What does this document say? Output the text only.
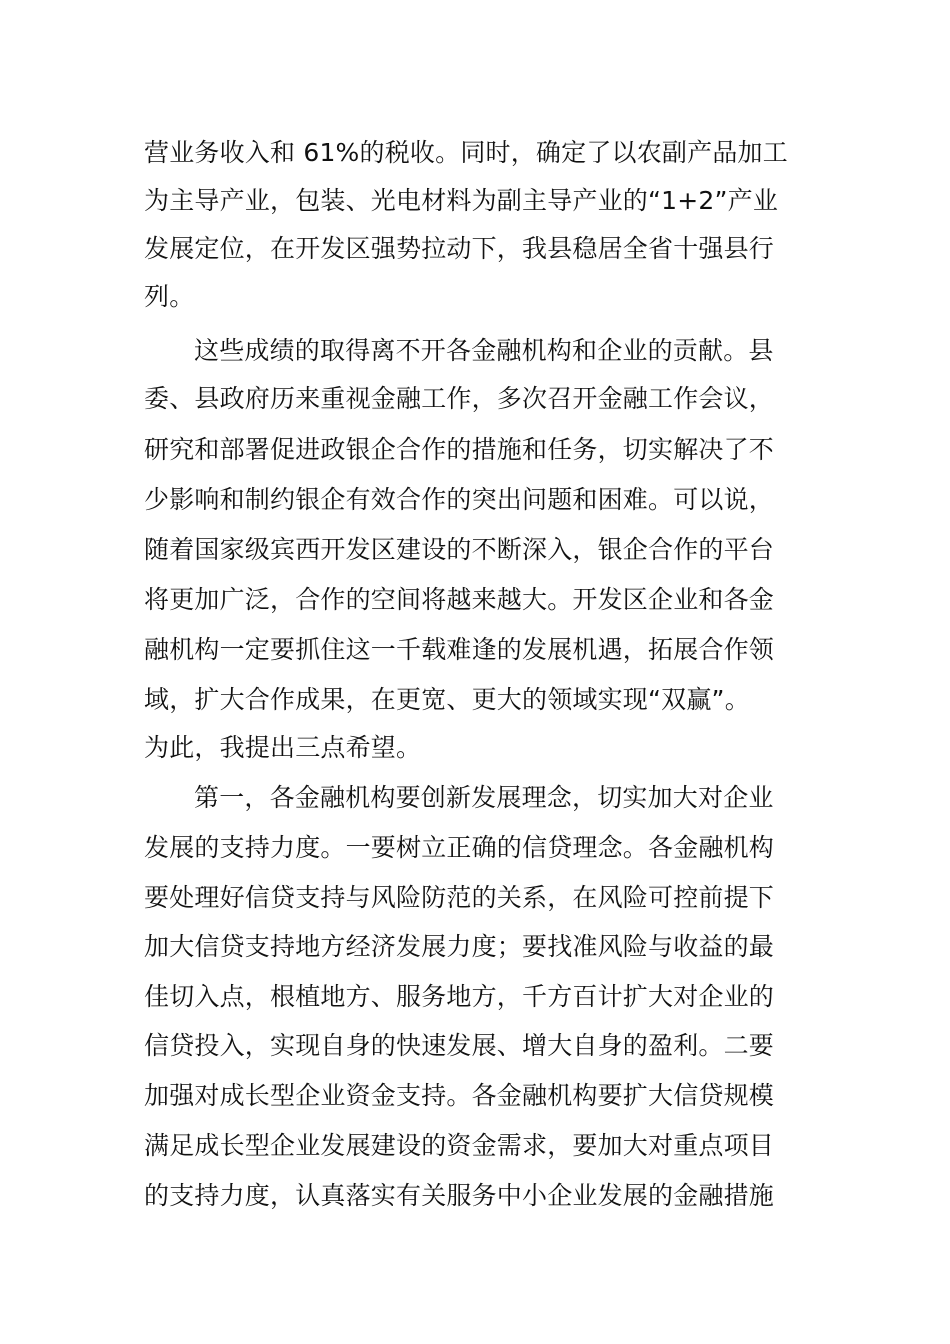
营业务收入和 61%的税收。同时，确定了以农副产品加工
为主导产业，包装、光电材料为副主导产业的“1+2”产业
发展定位，在开发区强势拉动下，我县稳居全省十强县行
列。
这些成绩的取得离不开各金融机构和企业的贡献。县
委、县政府历来重视金融工作，多次召开金融工作会议，
研究和部署促进政银企合作的措施和任务，切实解决了不
少影响和制约银企有效合作的突出问题和困难。可以说，
随着国家级宾西开发区建设的不断深入，银企合作的平台
将更加广泛，合作的空间将越来越大。开发区企业和各金
融机构一定要抓住这一千载难逢的发展机遇，拓展合作领
域，扩大合作成果，在更宽、更大的领域实现“双赢”。
为此，我提出三点希望。
第一，各金融机构要创新发展理念，切实加大对企业
发展的支持力度。一要树立正确的信贷理念。各金融机构
要处理好信贷支持与风险防范的关系，在风险可控前提下
加大信贷支持地方经济发展力度；要找准风险与收益的最
佳切入点，根植地方、服务地方，千方百计扩大对企业的
信贷投入，实现自身的快速发展、增大自身的盈利。二要
加强对成长型企业资金支持。各金融机构要扩大信贷规模
满足成长型企业发展建设的资金需求，要加大对重点项目
的支持力度，认真落实有关服务中小企业发展的金融措施
